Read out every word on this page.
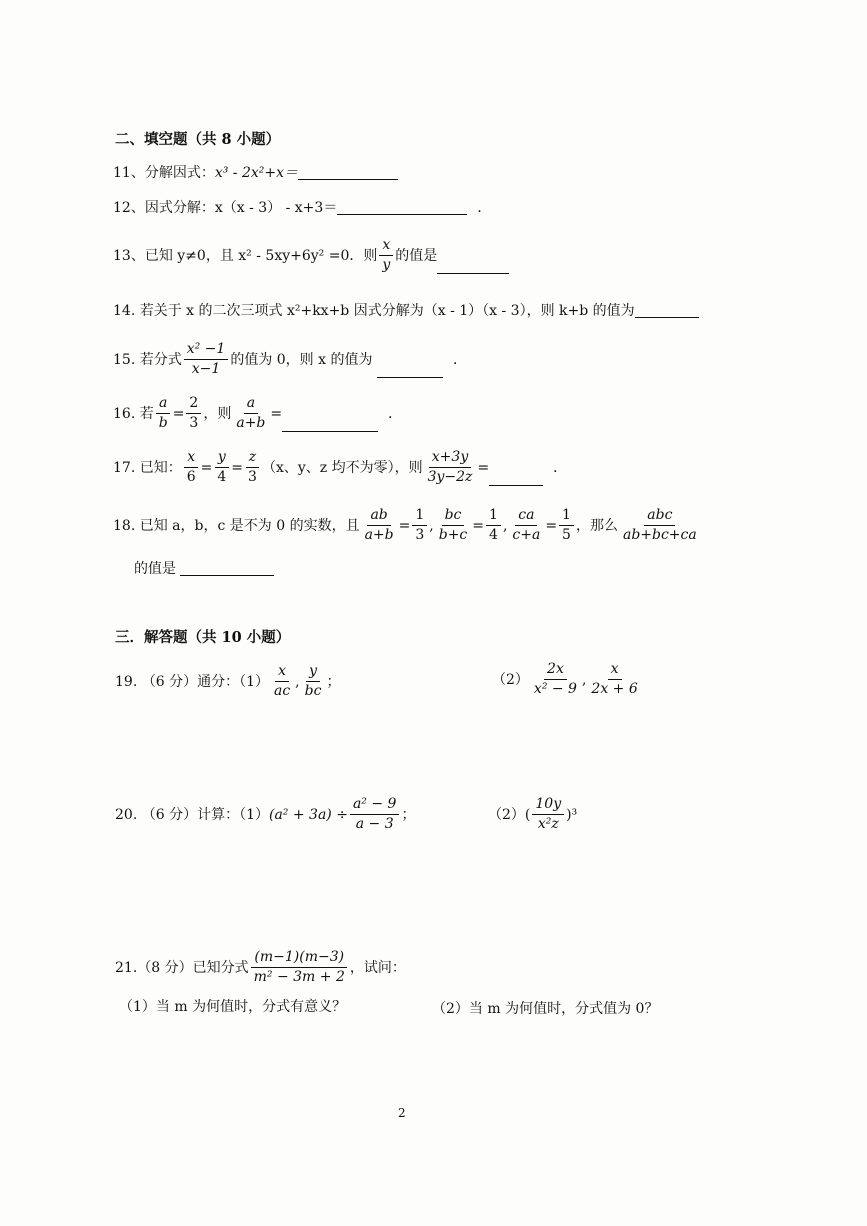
二、填空题（共 8 小题）
11、分解因式：x³ - 2x²+x＝
12、因式分解：x（x - 3） - x+3＝	．
13、已知 y≠0，且 x² - 5xy+6y² =0．则 $\frac{x}{y}$ 的值是
14. 若关于 x 的二次三项式 x²+kx+b 因式分解为（x - 1）（x - 3），则 k+b 的值为
15. 若分式 $\frac{\text{x² −1}}{x-1}$ 的值为 0，则 x 的值为	．
16. 若 $\frac{a}{b} = \frac{2}{3}$ ，则 $\frac{a}{a+b}$ =	．
17. 已知： $\frac{x}{6} = \frac{y}{4} = \frac{z}{3} (x$、y、z 均不为零），则 $\frac{x+3y}{3y-2z}$ =	．
18. 已知 a，b，c 是不为 0 的实数，且 $\frac{ab}{a+b} = \frac{1}{3}$ , $\frac{bc}{b+c} = \frac{1}{4}$ , $\frac{ca}{c+a} = \frac{1}{5}$ ，那么 $\frac{\text{abc}}{ab+bc+ca}$
的值是
三．解答题（共 10 小题）
19. （6 分）通分：$(1) \frac{x}{ac}$ , $\frac{y}{bc}$ ；	$(2) \frac{2x}{\text{x² − 9}}$ , $\frac{x}{2x + 6}$
20. （6 分）计算：$(1)(a^2 + 3a) \div \frac{\text{a² − 9}}{a - 3}$ ；	$(2)( \frac{10y}{\text{x²z}} )^3$
21.（8 分）已知分式 $\frac{(m-1)(m-3)}{\text{m² − 3m + 2}}$ ，试问：
（1）当 m 为何值时，分式有意义？	（2）当 m 为何值时，分式值为 0？
2
